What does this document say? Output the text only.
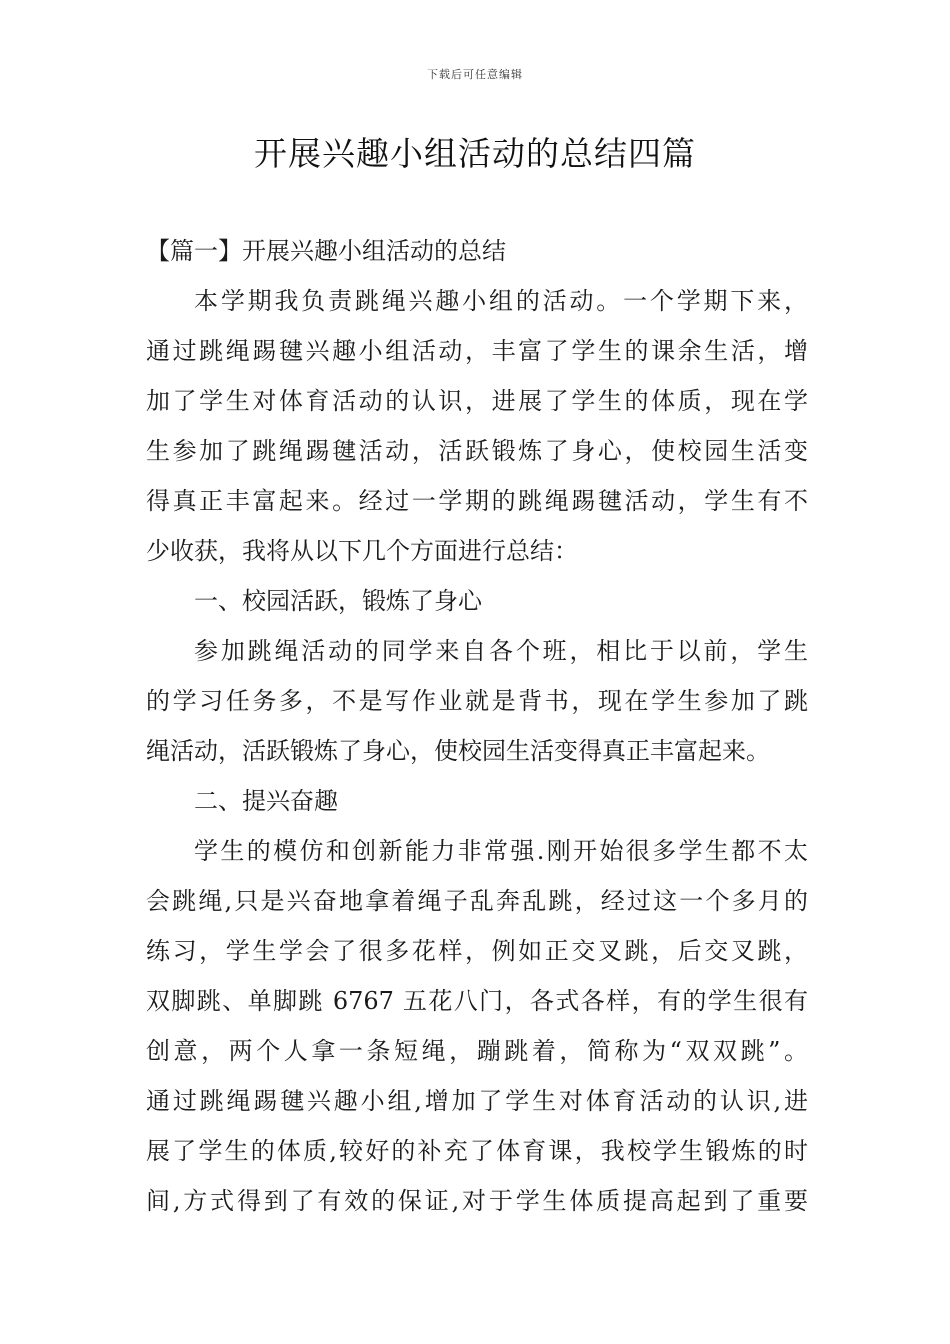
下载后可任意编辑
开展兴趣小组活动的总结四篇
【篇一】开展兴趣小组活动的总结
本学期我负责跳绳兴趣小组的活动。一个学期下来，
通过跳绳踢毽兴趣小组活动，丰富了学生的课余生活，增
加了学生对体育活动的认识，进展了学生的体质，现在学
生参加了跳绳踢毽活动，活跃锻炼了身心，使校园生活变
得真正丰富起来。经过一学期的跳绳踢毽活动，学生有不
少收获，我将从以下几个方面进行总结：
一、校园活跃，锻炼了身心
参加跳绳活动的同学来自各个班，相比于以前，学生
的学习任务多，不是写作业就是背书，现在学生参加了跳
绳活动，活跃锻炼了身心，使校园生活变得真正丰富起来。
二、提兴奋趣
学生的模仿和创新能力非常强.刚开始很多学生都不太
会跳绳,只是兴奋地拿着绳子乱奔乱跳，经过这一个多月的
练习，学生学会了很多花样，例如正交叉跳，后交叉跳，
双脚跳、单脚跳 6767 五花八门，各式各样，有的学生很有
创意，两个人拿一条短绳，蹦跳着，简称为“双双跳”。
通过跳绳踢毽兴趣小组,增加了学生对体育活动的认识,进
展了学生的体质,较好的补充了体育课，我校学生锻炼的时
间,方式得到了有效的保证,对于学生体质提高起到了重要
